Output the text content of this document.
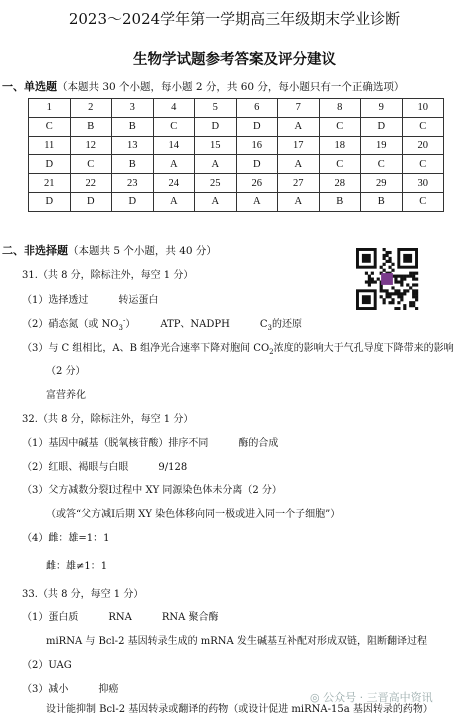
2023～2024学年第一学期高三年级期末学业诊断
生物学试题参考答案及评分建议
一、单选题（本题共 30 个小题，每小题 2 分，共 60 分，每小题只有一个正确选项）
1	2	3	4	5	6	7	8	9	10
C	B	B	C	D	D	A	C	D	C
11	12	13	14	15	16	17	18	19	20
D	C	B	A	A	D	A	C	C	C
21	22	23	24	25	26	27	28	29	30
D	D	D	A	A	A	A	B	B	C
二、非选择题（本题共 5 个小题，共 40 分）
31.（共 8 分，除标注外，每空 1 分）
（1）选择透过　　　转运蛋白
（2）硝态氮（或 $NO_3^-$）　　　ATP、NADPH　　　$C_3$的还原
（3）与 C 组相比，A、B 组净光合速率下降对胞间 $CO_2$浓度的影响大于气孔导度下降带来的影响
（2 分）
富营养化
32.（共 8 分，除标注外，每空 1 分）
（1）基因中碱基（脱氧核苷酸）排序不同　　　酶的合成
（2）红眼、褐眼与白眼　　　9/128
（3）父方减数分裂Ⅰ过程中 XY 同源染色体未分离（2 分）
（或答“父方减Ⅰ后期 XY 染色体移向同一极或进入同一个子细胞”）
（4）雌：雄=1：1
雌：雄≠1：1
33.（共 8 分，每空 1 分）
（1）蛋白质　　　RNA　　　RNA 聚合酶
miRNA 与 Bcl-2 基因转录生成的 mRNA 发生碱基互补配对形成双链，阻断翻译过程
（2）UAG
（3）减小　　　抑癌
设计能抑制 Bcl-2 基因转录或翻译的药物（或设计促进 miRNA-15a 基因转录的药物）
◎ 公众号 · 三晋高中资讯
